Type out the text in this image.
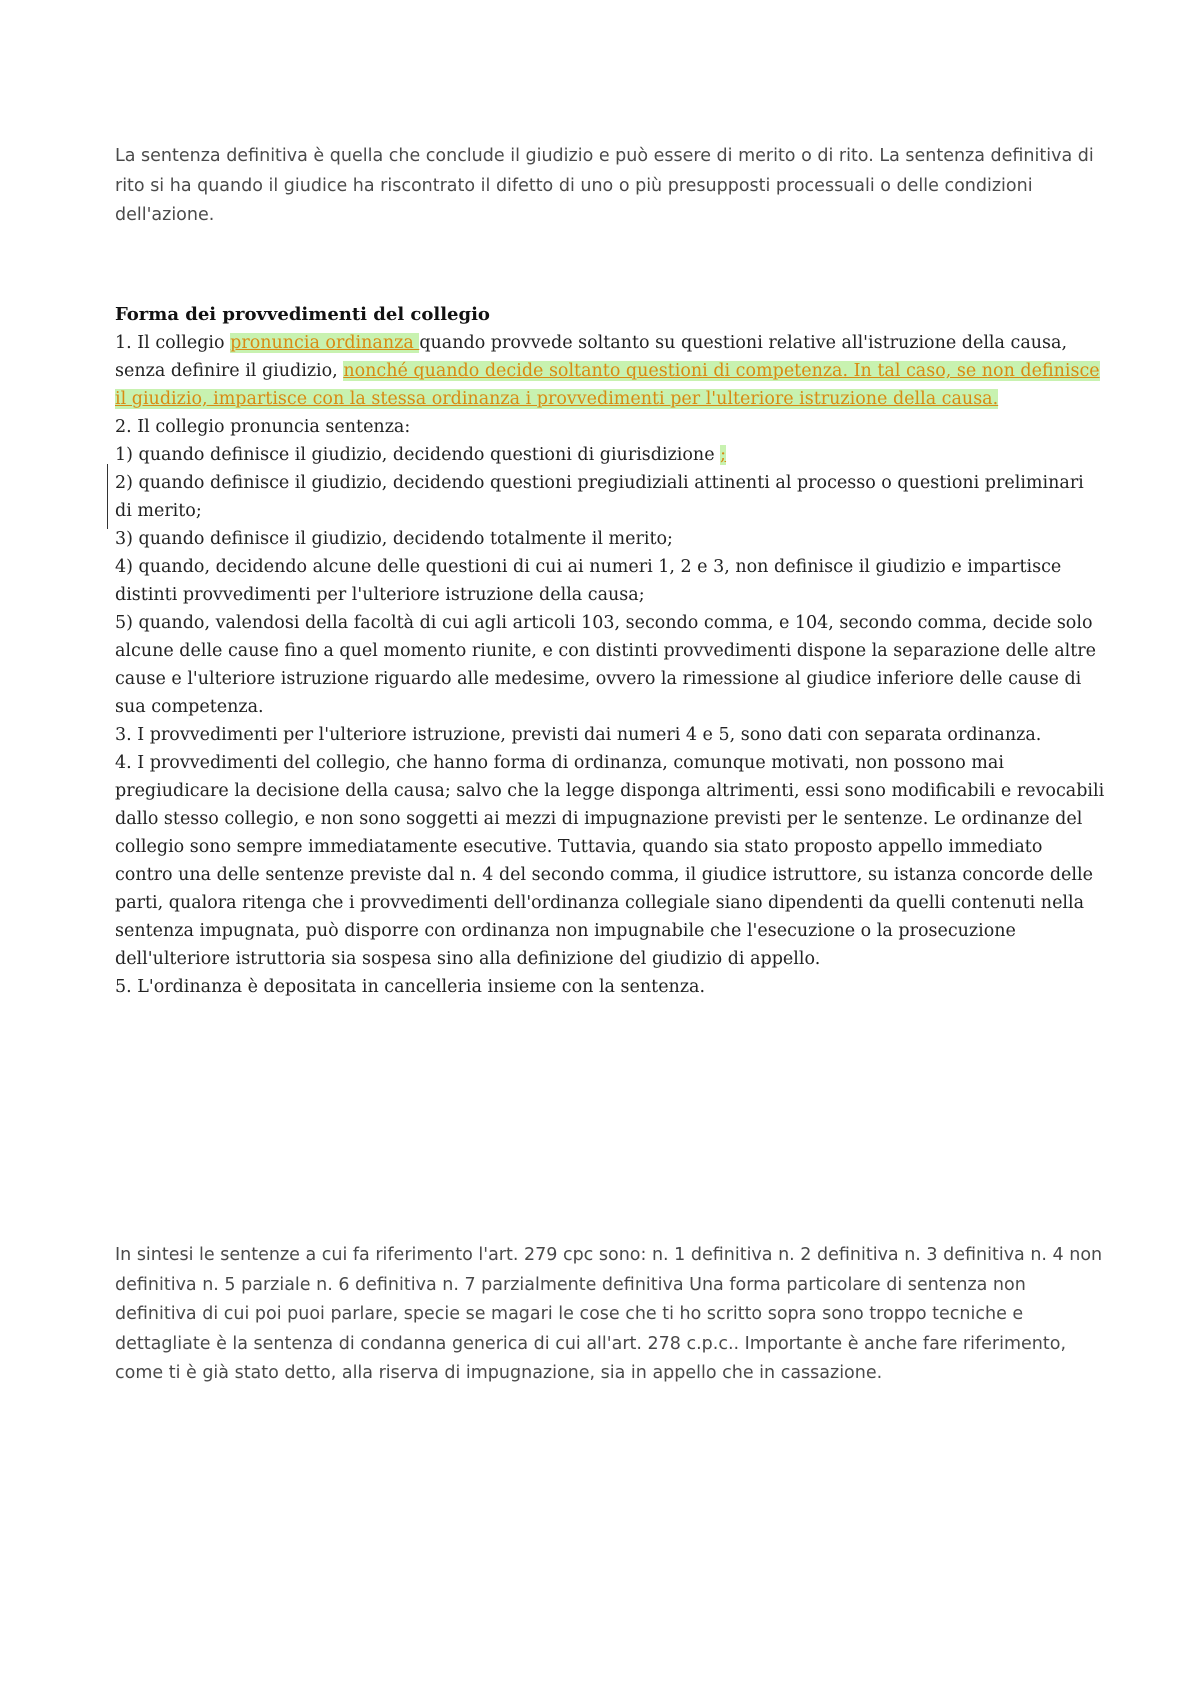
La sentenza definitiva è quella che conclude il giudizio e può essere di merito o di rito. La sentenza definitiva di rito si ha quando il giudice ha riscontrato il difetto di uno o più presupposti processuali o delle condizioni dell'azione.

Forma dei provvedimenti del collegio

1. Il collegio pronuncia ordinanza quando provvede soltanto su questioni relative all'istruzione della causa, senza definire il giudizio, nonché quando decide soltanto questioni di competenza. In tal caso, se non definisce il giudizio, impartisce con la stessa ordinanza i provvedimenti per l'ulteriore istruzione della causa.

2. Il collegio pronuncia sentenza:

1) quando definisce il giudizio, decidendo questioni di giurisdizione ;

2) quando definisce il giudizio, decidendo questioni pregiudiziali attinenti al processo o questioni preliminari di merito;

3) quando definisce il giudizio, decidendo totalmente il merito;

4) quando, decidendo alcune delle questioni di cui ai numeri 1, 2 e 3, non definisce il giudizio e impartisce distinti provvedimenti per l'ulteriore istruzione della causa;

5) quando, valendosi della facoltà di cui agli articoli 103, secondo comma, e 104, secondo comma, decide solo alcune delle cause fino a quel momento riunite, e con distinti provvedimenti dispone la separazione delle altre cause e l'ulteriore istruzione riguardo alle medesime, ovvero la rimessione al giudice inferiore delle cause di sua competenza.

3. I provvedimenti per l'ulteriore istruzione, previsti dai numeri 4 e 5, sono dati con separata ordinanza.

4. I provvedimenti del collegio, che hanno forma di ordinanza, comunque motivati, non possono mai pregiudicare la decisione della causa; salvo che la legge disponga altrimenti, essi sono modificabili e revocabili dallo stesso collegio, e non sono soggetti ai mezzi di impugnazione previsti per le sentenze. Le ordinanze del collegio sono sempre immediatamente esecutive. Tuttavia, quando sia stato proposto appello immediato contro una delle sentenze previste dal n. 4 del secondo comma, il giudice istruttore, su istanza concorde delle parti, qualora ritenga che i provvedimenti dell'ordinanza collegiale siano dipendenti da quelli contenuti nella sentenza impugnata, può disporre con ordinanza non impugnabile che l'esecuzione o la prosecuzione dell'ulteriore istruttoria sia sospesa sino alla definizione del giudizio di appello.

5. L'ordinanza è depositata in cancelleria insieme con la sentenza.

In sintesi le sentenze a cui fa riferimento l'art. 279 cpc sono: n. 1 definitiva n. 2 definitiva n. 3 definitiva n. 4 non definitiva n. 5 parziale n. 6 definitiva n. 7 parzialmente definitiva Una forma particolare di sentenza non definitiva di cui poi puoi parlare, specie se magari le cose che ti ho scritto sopra sono troppo tecniche e dettagliate è la sentenza di condanna generica di cui all'art. 278 c.p.c.. Importante è anche fare riferimento, come ti è già stato detto, alla riserva di impugnazione, sia in appello che in cassazione.
